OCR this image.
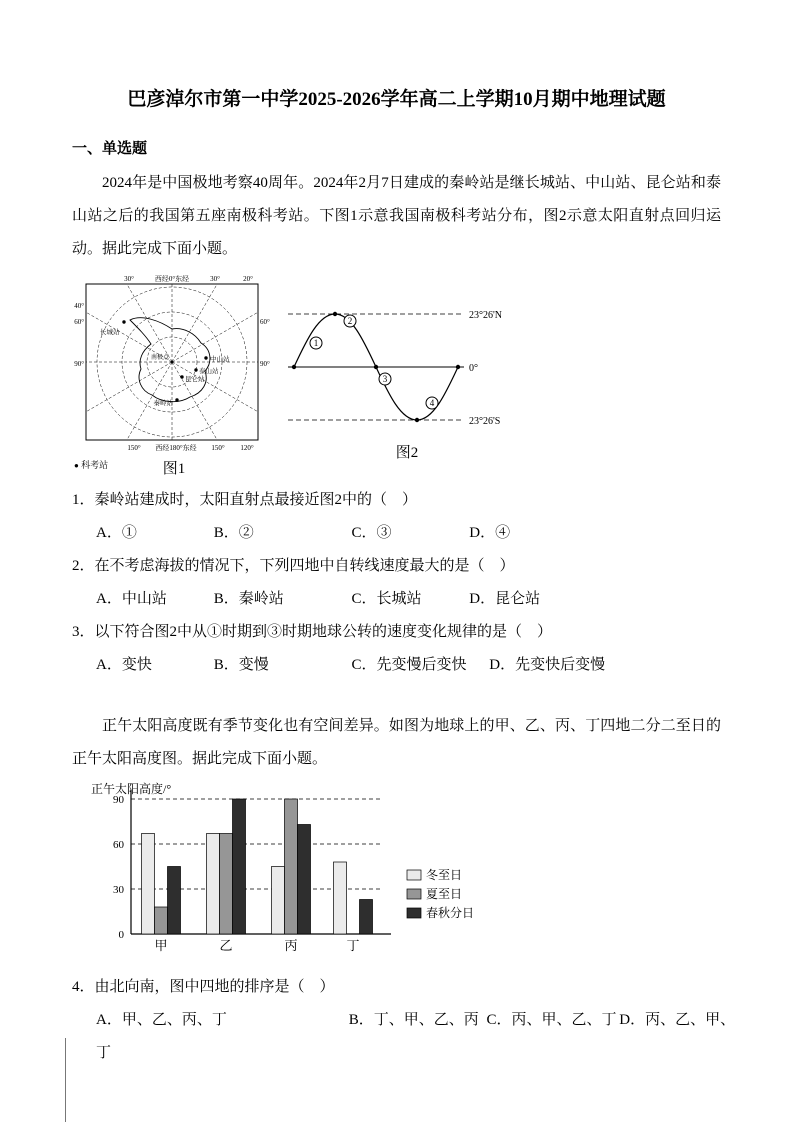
巴彦淖尔市第一中学2025-2026学年高二上学期10月期中地理试题
一、单选题

2024年是中国极地考察40周年。2024年2月7日建成的秦岭站是继长城站、中山站、昆仑站和泰山站之后的我国第五座南极科考站。下图1示意我国南极科考站分布，图2示意太阳直射点回归运动。据此完成下面小题。

30°	西经0°东经	30°	20°
40°
60°
90°
60°
90°
150° 西经180°东经 150° 120°
长城站
中山站
泰山站
昆仑站
秦岭站
南极点
● 科考站	图1
1
2
3
4
23°26'N
0°
23°26'S
图2
1．秦岭站建成时，太阳直射点最接近图2中的（　）
A．①	B．②	C．③	D．④
2．在不考虑海拔的情况下，下列四地中自转线速度最大的是（　）
A．中山站	B．秦岭站	C．长城站	D．昆仑站
3．以下符合图2中从①时期到③时期地球公转的速度变化规律的是（　）
A．变快	B．变慢	C．先变慢后变快 D．先变快后变慢

正午太阳高度既有季节变化也有空间差异。如图为地球上的甲、乙、丙、丁四地二分二至日的正午太阳高度图。据此完成下面小题。

正午太阳高度/°
0
30
60
90
甲	乙	丙	丁
冬至日
夏至日
春秋分日
4．由北向南，图中四地的排序是（　）
A．甲、乙、丙、丁	B．丁、甲、乙、丙 C．丙、甲、乙、丁 D．丙、乙、甲、
丁
